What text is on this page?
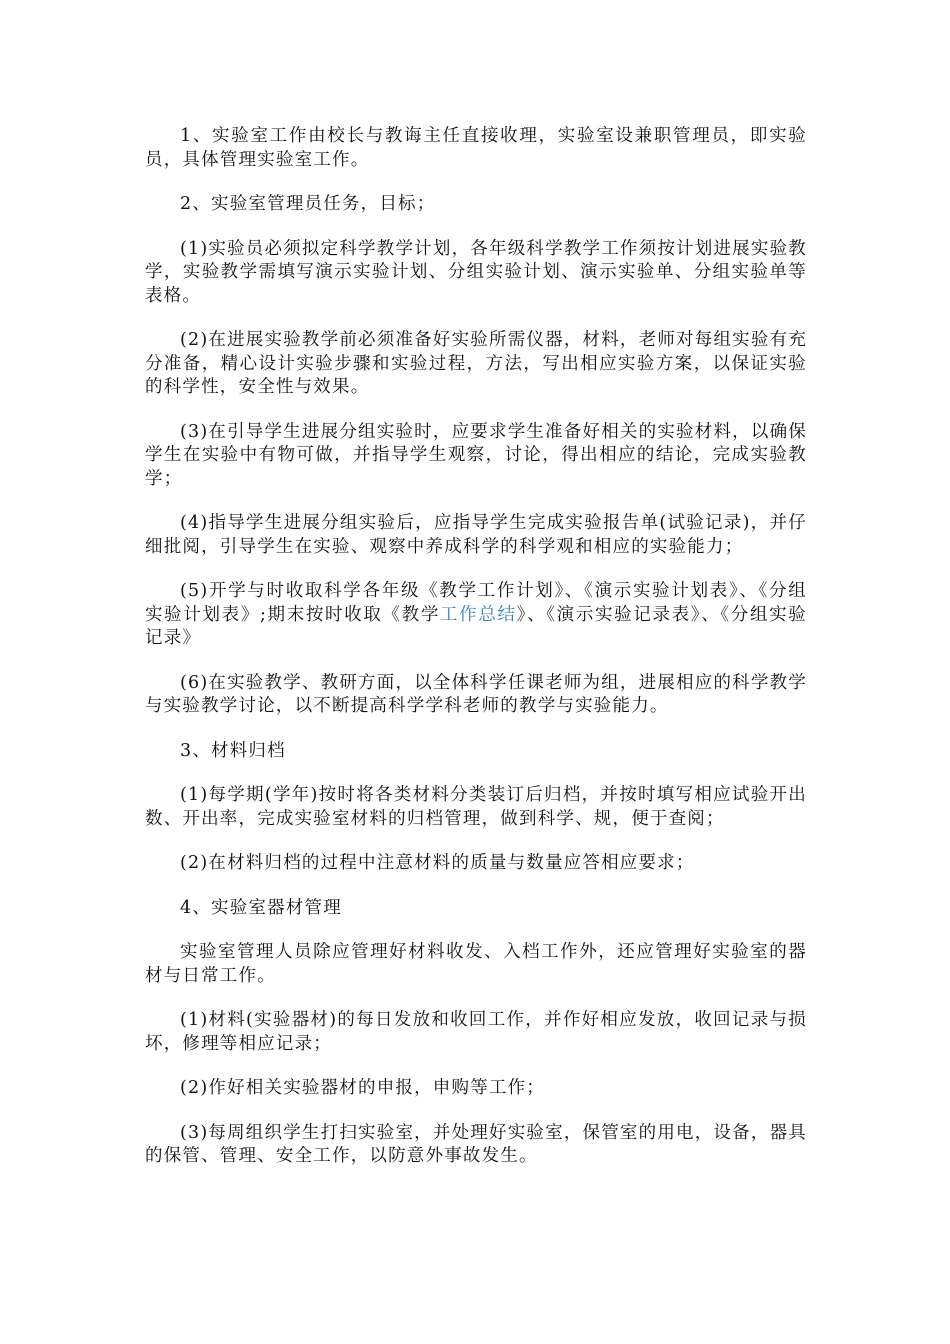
1、实验室工作由校长与教诲主任直接收理，实验室设兼职管理员，即实验员，具体管理实验室工作。

2、实验室管理员任务，目标；

(1)实验员必须拟定科学教学计划，各年级科学教学工作须按计划进展实验教学，实验教学需填写演示实验计划、分组实验计划、演示实验单、分组实验单等表格。

(2)在进展实验教学前必须准备好实验所需仪器，材料，老师对每组实验有充分准备，精心设计实验步骤和实验过程，方法，写出相应实验方案，以保证实验的科学性，安全性与效果。

(3)在引导学生进展分组实验时，应要求学生准备好相关的实验材料，以确保学生在实验中有物可做，并指导学生观察，讨论，得出相应的结论，完成实验教学；

(4)指导学生进展分组实验后，应指导学生完成实验报告单(试验记录)，并仔细批阅，引导学生在实验、观察中养成科学的科学观和相应的实验能力；

(5)开学与时收取科学各年级《教学工作计划》、《演示实验计划表》、《分组实验计划表》;期末按时收取《教学工作总结》、《演示实验记录表》、《分组实验记录》

(6)在实验教学、教研方面，以全体科学任课老师为组，进展相应的科学教学与实验教学讨论，以不断提高科学学科老师的教学与实验能力。

3、材料归档

(1)每学期(学年)按时将各类材料分类装订后归档，并按时填写相应试验开出数、开出率，完成实验室材料的归档管理，做到科学、规，便于查阅；

(2)在材料归档的过程中注意材料的质量与数量应答相应要求；

4、实验室器材管理

实验室管理人员除应管理好材料收发、入档工作外，还应管理好实验室的器材与日常工作。

(1)材料(实验器材)的每日发放和收回工作，并作好相应发放，收回记录与损坏，修理等相应记录；

(2)作好相关实验器材的申报，申购等工作；

(3)每周组织学生打扫实验室，并处理好实验室，保管室的用电，设备，器具的保管、管理、安全工作，以防意外事故发生。
